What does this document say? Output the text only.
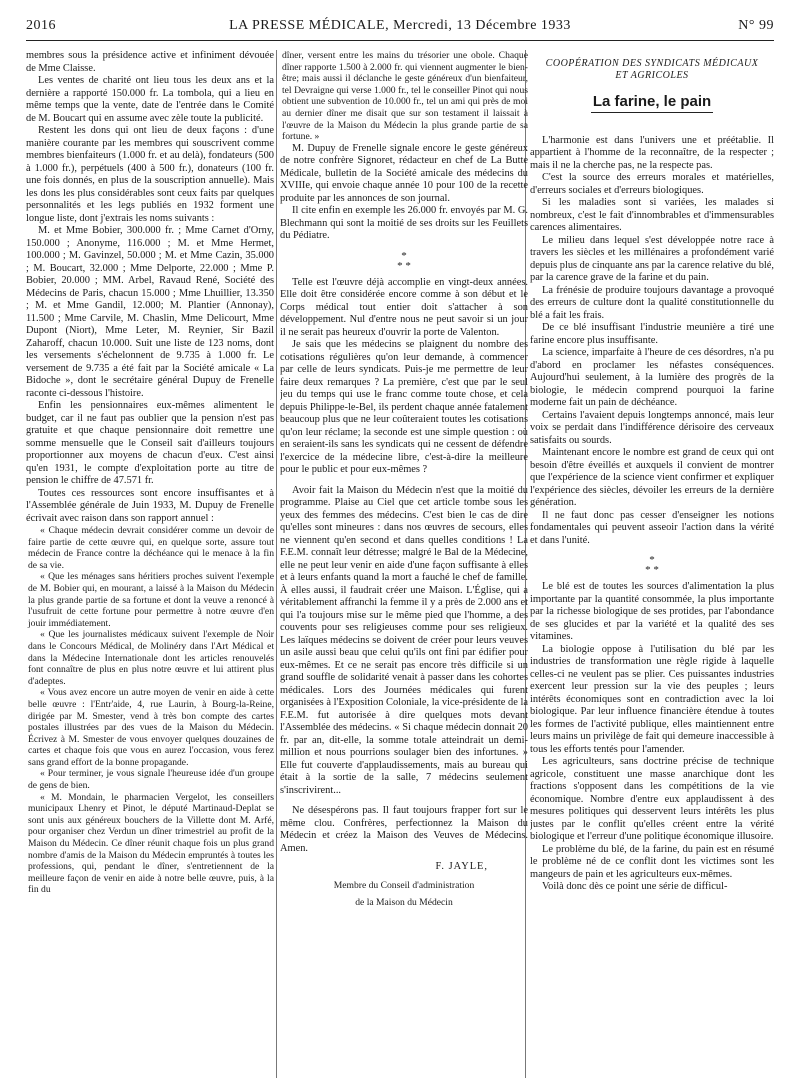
2016	LA PRESSE MÉDICALE, Mercredi, 13 Décembre 1933	N° 99

membres sous la présidence active et infiniment dévouée de Mme Claisse.

Les ventes de charité ont lieu tous les deux ans et la dernière a rapporté 150.000 fr. La tombola, qui a lieu en même temps que la vente, date de l'entrée dans le Comité de M. Boucart qui en assume avec zèle toute la publicité.

Restent les dons qui ont lieu de deux façons : d'une manière courante par les membres qui souscrivent comme membres bienfaiteurs (1.000 fr. et au delà), fondateurs (500 à 1.000 fr.), perpétuels (400 à 500 fr.), donateurs (100 fr. une fois donnés, en plus de la souscription annuelle). Mais les dons les plus considérables sont ceux faits par quelques personnalités et les legs publiés en 1932 forment une longue liste, dont j'extrais les noms suivants :

M. et Mme Bobier, 300.000 fr. ; Mme Carnet d'Orny, 150.000 ; Anonyme, 116.000 ; M. et Mme Hermet, 100.000 ; M. Gavinzel, 50.000 ; M. et Mme Cazin, 35.000 ; M. Boucart, 32.000 ; Mme Delporte, 22.000 ; Mme P. Bobier, 20.000 ; MM. Arbel, Ravaud René, Société des Médecins de Paris, chacun 15.000 ; Mme Lhuillier, 13.350 ; M. et Mme Gandil, 12.000; M. Plantier (Annonay), 11.500 ; Mme Carvile, M. Chaslin, Mme Delicourt, Mme Dupont (Niort), Mme Leter, M. Reynier, Sir Bazil Zaharoff, chacun 10.000. Suit une liste de 123 noms, dont les versements s'échelonnent de 9.735 à 1.000 fr. Le versement de 9.735 a été fait par la Société amicale « La Bidoche », dont le secrétaire général Dupuy de Frenelle raconte ci-dessous l'histoire.

Enfin les pensionnaires eux-mêmes alimentent le budget, car il ne faut pas oublier que la pension n'est pas gratuite et que chaque pensionnaire doit remettre une somme mensuelle que le Conseil sait d'ailleurs toujours proportionner aux moyens de chacun d'eux. C'est ainsi qu'en 1931, le compte d'exploitation porte au titre de pension le chiffre de 47.571 fr.

Toutes ces ressources sont encore insuffisantes et à l'Assemblée générale de Juin 1933, M. Dupuy de Frenelle écrivait avec raison dans son rapport annuel :

« Chaque médecin devrait considérer comme un devoir de faire partie de cette œuvre qui, en quelque sorte, assure tout médecin de France contre la déchéance qui le menace à la fin de sa vie.

« Que les ménages sans héritiers proches suivent l'exemple de M. Bobier qui, en mourant, a laissé à la Maison du Médecin la plus grande partie de sa fortune et dont la veuve a renoncé à l'usufruit de cette fortune pour permettre à notre œuvre d'en jouir immédiatement.

« Que les journalistes médicaux suivent l'exemple de Noir dans le Concours Médical, de Molinéry dans l'Art Médical et dans la Médecine Internationale dont les articles renouvelés font connaître de plus en plus notre œuvre et lui attirent plus d'adeptes.

« Vous avez encore un autre moyen de venir en aide à cette belle œuvre : l'Entr'aide, 4, rue Laurin, à Bourg-la-Reine, dirigée par M. Smester, vend à très bon compte des cartes postales illustrées par des vues de la Maison du Médecin. Écrivez à M. Smester de vous envoyer quelques douzaines de cartes et chaque fois que vous en aurez l'occasion, vous ferez sans grand effort de la bonne propagande.

« Pour terminer, je vous signale l'heureuse idée d'un groupe de gens de bien.

« M. Mondain, le pharmacien Vergelot, les conseillers municipaux Lhenry et Pinot, le député Martinaud-Deplat se sont unis aux généreux bouchers de la Villette dont M. Arfé, pour organiser chez Verdun un dîner trimestriel au profit de la Maison du Médecin. Ce dîner réunit chaque fois un plus grand nombre d'amis de la Maison du Médecin empruntés à toutes les professions, qui, pendant le dîner, s'entretiennent de la meilleure façon de venir en aide à notre belle œuvre, puis, à la fin du

dîner, versent entre les mains du trésorier une obole. Chaque dîner rapporte 1.500 à 2.000 fr. qui viennent augmenter le bien-être; mais aussi il déclanche le geste généreux d'un bienfaiteur, tel Devraigne qui verse 1.000 fr., tel le conseiller Pinot qui nous obtient une subvention de 10.000 fr., tel un ami qui près de moi au dernier dîner me disait que sur son testament il laissait à l'œuvre de la Maison du Médecin la plus grande partie de sa fortune. »

M. Dupuy de Frenelle signale encore le geste généreux de notre confrère Signoret, rédacteur en chef de La Butte Médicale, bulletin de la Société amicale des médecins du XVIIIe, qui envoie chaque année 10 pour 100 de la recette produite par les annonces de son journal.

Il cite enfin en exemple les 26.000 fr. envoyés par M. G. Blechmann qui sont la moitié de ses droits sur les Feuillets du Pédiatre.

*
* *

Telle est l'œuvre déjà accomplie en vingt-deux années. Elle doit être considérée encore comme à son début et le Corps médical tout entier doit s'attacher à son développement. Nul d'entre nous ne peut savoir si un jour il ne serait pas heureux d'ouvrir la porte de Valenton.

Je sais que les médecins se plaignent du nombre des cotisations régulières qu'on leur demande, à commencer par celle de leurs syndicats. Puis-je me permettre de leur faire deux remarques ? La première, c'est que par le seul jeu du temps qui use le franc comme toute chose, et cela depuis Philippe-le-Bel, ils perdent chaque année fatalement beaucoup plus que ne leur coûteraient toutes les cotisations qu'on leur réclame; la seconde est une simple question : où en seraient-ils sans les syndicats qui ne cessent de défendre l'exercice de la médecine libre, c'est-à-dire la meilleure pour le public et pour eux-mêmes ?

Avoir fait la Maison du Médecin n'est que la moitié du programme. Plaise au Ciel que cet article tombe sous les yeux des femmes des médecins. C'est bien le cas de dire qu'elles sont mineures : dans nos œuvres de secours, elles ne viennent qu'en second et dans quelles conditions ! La F.E.M. connaît leur détresse; malgré le Bal de la Médecine, elle ne peut leur venir en aide d'une façon suffisante à elles et à leurs enfants quand la mort a fauché le chef de famille. À elles aussi, il faudrait créer une Maison. L'Église, qui a véritablement affranchi la femme il y a près de 2.000 ans et qui l'a toujours mise sur le même pied que l'homme, a des couvents pour ses religieuses comme pour ses religieux. Les laïques médecins se doivent de créer pour leurs veuves un asile aussi beau que celui qu'ils ont fini par édifier pour eux-mêmes. Et ce ne serait pas encore très difficile si un grand souffle de solidarité venait à passer dans les cohortes médicales. Lors des Journées médicales qui furent organisées à l'Exposition Coloniale, la vice-présidente de la F.E.M. fut autorisée à dire quelques mots devant l'Assemblée des médecins. « Si chaque médecin donnait 20 fr. par an, dit-elle, la somme totale atteindrait un demi-million et nous pourrions soulager bien des infortunes. » Elle fut couverte d'applaudissements, mais au bureau qui était à la sortie de la salle, 7 médecins seulement s'inscrivirent...

Ne désespérons pas. Il faut toujours frapper fort sur le même clou. Confrères, perfectionnez la Maison du Médecin et créez la Maison des Veuves de Médecins. Amen.

F. JAYLE,

Membre du Conseil d'administration

de la Maison du Médecin

COOPÉRATION DES SYNDICATS MÉDICAUX
ET AGRICOLES

La farine, le pain

L'harmonie est dans l'univers une et préétablie. Il appartient à l'homme de la reconnaître, de la respecter ; mais il ne la cherche pas, ne la respecte pas.

C'est la source des erreurs morales et matérielles, d'erreurs sociales et d'erreurs biologiques.

Si les maladies sont si variées, les malades si nombreux, c'est le fait d'innombrables et d'immensurables carences alimentaires.

Le milieu dans lequel s'est développée notre race à travers les siècles et les millénaires a profondément varié depuis plus de cinquante ans par la carence relative du blé, par la carence grave de la farine et du pain.

La frénésie de produire toujours davantage a provoqué des erreurs de culture dont la qualité constitutionnelle du blé a fait les frais.

De ce blé insuffisant l'industrie meunière a tiré une farine encore plus insuffisante.

La science, imparfaite à l'heure de ces désordres, n'a pu d'abord en proclamer les néfastes conséquences. Aujourd'hui seulement, à la lumière des progrès de la biologie, le médecin comprend pourquoi la farine moderne fait un pain de déchéance.

Certains l'avaient depuis longtemps annoncé, mais leur voix se perdait dans l'indifférence dérisoire des cerveaux satisfaits ou sourds.

Maintenant encore le nombre est grand de ceux qui ont besoin d'être éveillés et auxquels il convient de montrer que l'expérience de la science vient confirmer et expliquer l'expérience des siècles, dévoiler les erreurs de la dernière génération.

Il ne faut donc pas cesser d'enseigner les notions fondamentales qui peuvent asseoir l'action dans la vérité et dans l'unité.

*
* *

Le blé est de toutes les sources d'alimentation la plus importante par la quantité consommée, la plus importante par la richesse biologique de ses protides, par l'abondance de ses glucides et par la variété et la qualité des ses vitamines.

La biologie oppose à l'utilisation du blé par les industries de transformation une règle rigide à laquelle celles-ci ne veulent pas se plier. Ces puissantes industries exercent leur pression sur la vie des peuples ; leurs intérêts économiques sont en contradiction avec la loi biologique. Par leur influence financière étendue à toutes les formes de l'activité publique, elles maintiennent entre leurs mains un privilège de fait qui demeure inaccessible à tous les efforts tentés pour l'amender.

Les agriculteurs, sans doctrine précise de technique agricole, constituent une masse anarchique dont les fractions s'opposent dans les compétitions de la vie économique. Nombre d'entre eux applaudissent à des mesures politiques qui desservent leurs intérêts les plus justes par le conflit qu'elles créent entre la vérité biologique et l'erreur d'une politique économique illusoire.

Le problème du blé, de la farine, du pain est en résumé le problème né de ce conflit dont les victimes sont les mangeurs de pain et les agriculteurs eux-mêmes.

Voilà donc dès ce point une série de difficul-
